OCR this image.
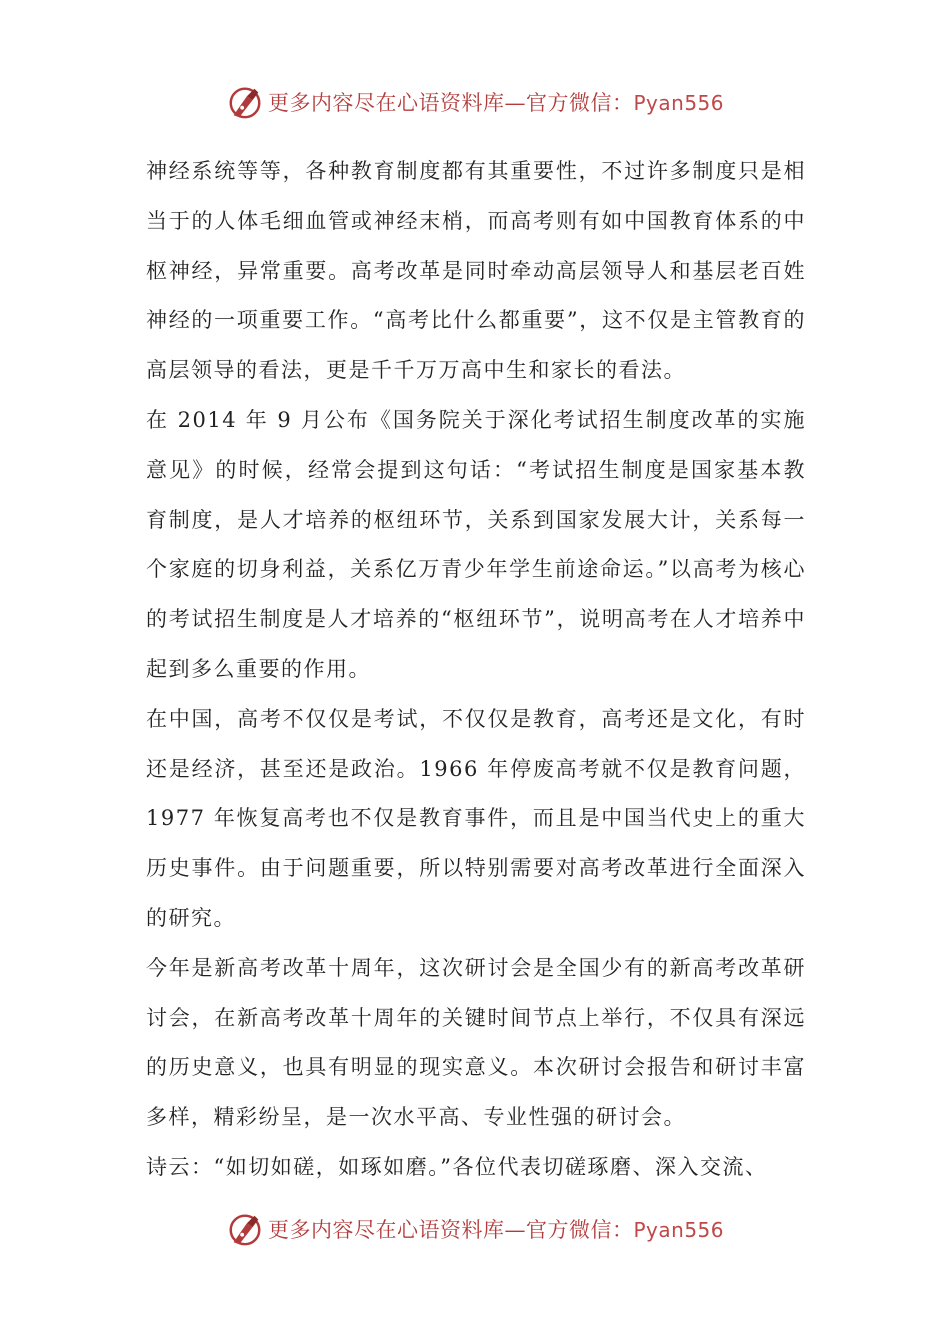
更多内容尽在心语资料库—官方微信：Pyan556

神经系统等等，各种教育制度都有其重要性，不过许多制度只是相当于的人体毛细血管或神经末梢，而高考则有如中国教育体系的中枢神经，异常重要。高考改革是同时牵动高层领导人和基层老百姓神经的一项重要工作。“高考比什么都重要”，这不仅是主管教育的高层领导的看法，更是千千万万高中生和家长的看法。

在 2014 年 9 月公布《国务院关于深化考试招生制度改革的实施意见》的时候，经常会提到这句话：“考试招生制度是国家基本教育制度，是人才培养的枢纽环节，关系到国家发展大计，关系每一个家庭的切身利益，关系亿万青少年学生前途命运。”以高考为核心的考试招生制度是人才培养的“枢纽环节”，说明高考在人才培养中起到多么重要的作用。

在中国，高考不仅仅是考试，不仅仅是教育，高考还是文化，有时还是经济，甚至还是政治。1966 年停废高考就不仅是教育问题，1977 年恢复高考也不仅是教育事件，而且是中国当代史上的重大历史事件。由于问题重要，所以特别需要对高考改革进行全面深入的研究。

今年是新高考改革十周年，这次研讨会是全国少有的新高考改革研讨会，在新高考改革十周年的关键时间节点上举行，不仅具有深远的历史意义，也具有明显的现实意义。本次研讨会报告和研讨丰富多样，精彩纷呈，是一次水平高、专业性强的研讨会。

诗云：“如切如磋，如琢如磨。”各位代表切磋琢磨、深入交流、

更多内容尽在心语资料库—官方微信：Pyan556
